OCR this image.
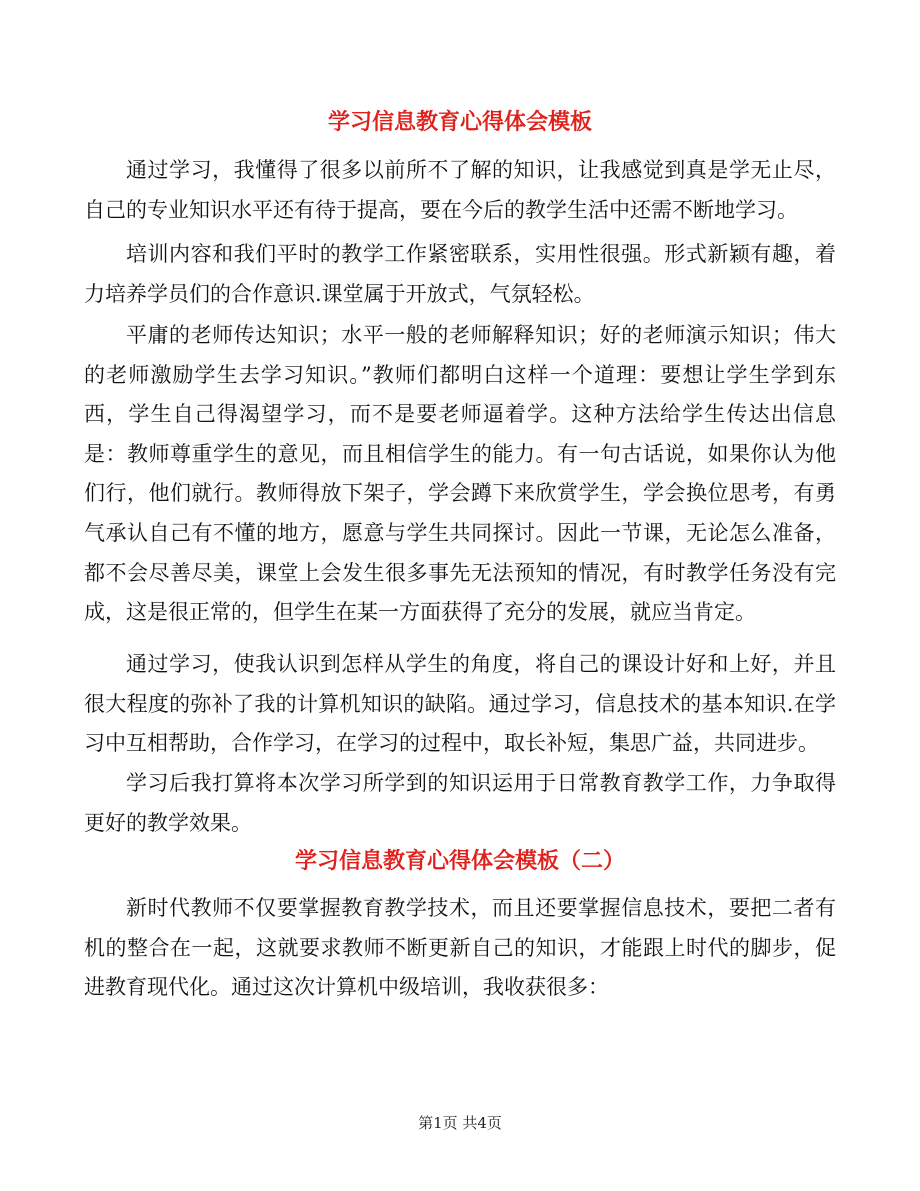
学习信息教育心得体会模板

通过学习，我懂得了很多以前所不了解的知识，让我感觉到真是学无止尽，自己的专业知识水平还有待于提高，要在今后的教学生活中还需不断地学习。

培训内容和我们平时的教学工作紧密联系，实用性很强。形式新颖有趣，着力培养学员们的合作意识.课堂属于开放式，气氛轻松。

平庸的老师传达知识；水平一般的老师解释知识；好的老师演示知识；伟大的老师激励学生去学习知识。”教师们都明白这样一个道理：要想让学生学到东西，学生自己得渴望学习，而不是要老师逼着学。这种方法给学生传达出信息是：教师尊重学生的意见，而且相信学生的能力。有一句古话说，如果你认为他们行，他们就行。教师得放下架子，学会蹲下来欣赏学生，学会换位思考，有勇气承认自己有不懂的地方，愿意与学生共同探讨。因此一节课，无论怎么准备，都不会尽善尽美，课堂上会发生很多事先无法预知的情况，有时教学任务没有完成，这是很正常的，但学生在某一方面获得了充分的发展，就应当肯定。

通过学习，使我认识到怎样从学生的角度，将自己的课设计好和上好，并且很大程度的弥补了我的计算机知识的缺陷。通过学习，信息技术的基本知识.在学习中互相帮助，合作学习，在学习的过程中，取长补短，集思广益，共同进步。

学习后我打算将本次学习所学到的知识运用于日常教育教学工作，力争取得更好的教学效果。

学习信息教育心得体会模板（二）

新时代教师不仅要掌握教育教学技术，而且还要掌握信息技术，要把二者有机的整合在一起，这就要求教师不断更新自己的知识，才能跟上时代的脚步，促进教育现代化。通过这次计算机中级培训，我收获很多：

第1页 共4页
